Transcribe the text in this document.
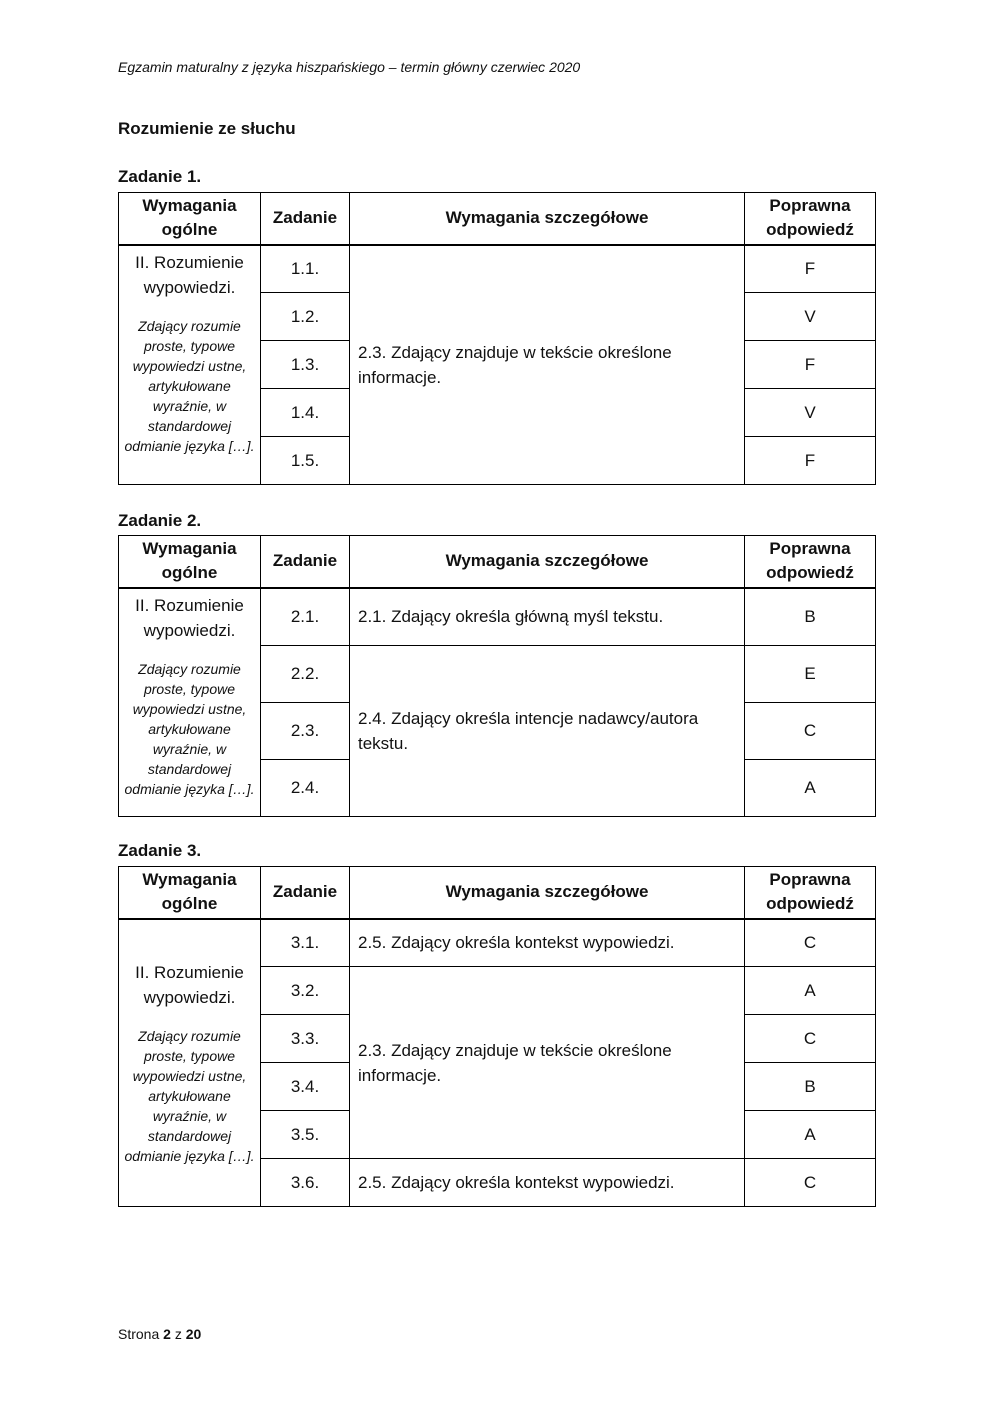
Egzamin maturalny z języka hiszpańskiego – termin główny czerwiec 2020
Rozumienie ze słuchu
Zadanie 1.
Wymagania ogólne	Zadanie	Wymagania szczegółowe	Poprawna odpowiedź

II. Rozumienie wypowiedzi.
Zdający rozumie proste, typowe wypowiedzi ustne, artykułowane wyraźnie, w standardowej odmianie języka […].	1.1.	2.3. Zdający znajduje w tekście określone informacje.	F
	1.2.		V
	1.3.		F
	1.4.		V
	1.5.		F
Zadanie 2.
Wymagania ogólne	Zadanie	Wymagania szczegółowe	Poprawna odpowiedź

II. Rozumienie wypowiedzi.
Zdający rozumie proste, typowe wypowiedzi ustne, artykułowane wyraźnie, w standardowej odmianie języka […].	2.1.	2.1. Zdający określa główną myśl tekstu.	B
	2.2.	2.4. Zdający określa intencje nadawcy/autora tekstu.	E
	2.3.		C
	2.4.		A
Zadanie 3.
Wymagania ogólne	Zadanie	Wymagania szczegółowe	Poprawna odpowiedź

II. Rozumienie wypowiedzi.
Zdający rozumie proste, typowe wypowiedzi ustne, artykułowane wyraźnie, w standardowej odmianie języka […].	3.1.	2.5. Zdający określa kontekst wypowiedzi.	C
	3.2.	2.3. Zdający znajduje w tekście określone informacje.	A
	3.3.		C
	3.4.		B
	3.5.		A
	3.6.	2.5. Zdający określa kontekst wypowiedzi.	C
Strona 2 z 20
